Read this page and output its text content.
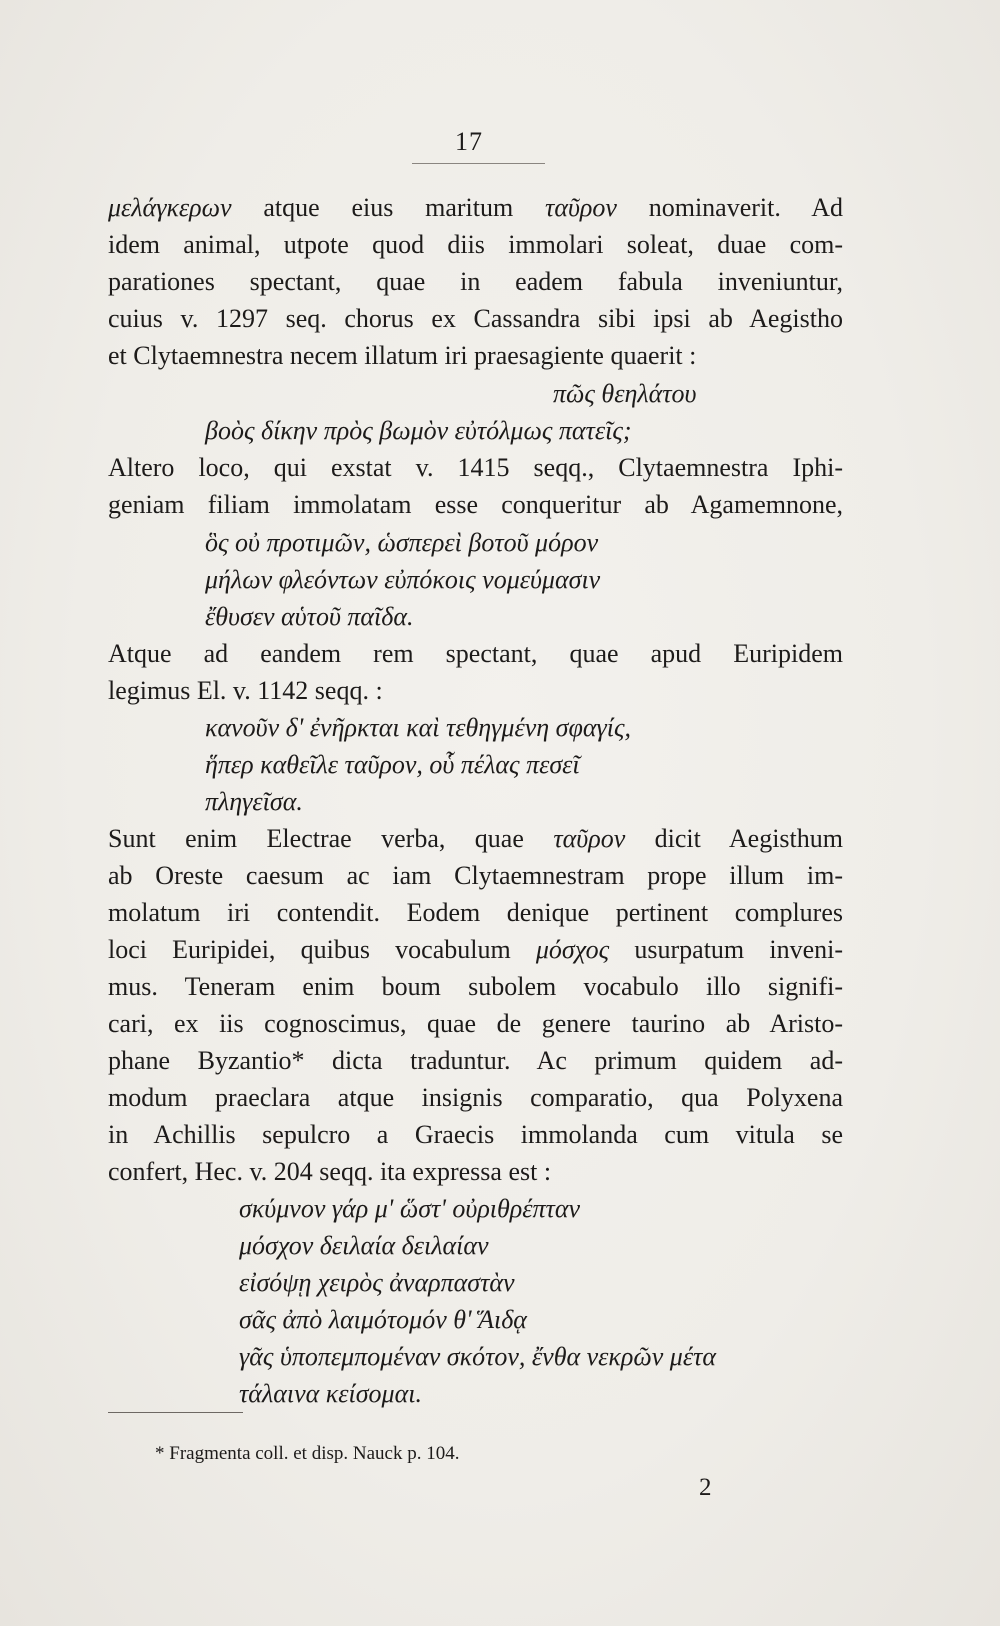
17
μελάγκερων atque eius maritum ταῦρον nominaverit. Ad
idem animal, utpote quod diis immolari soleat, duae com-
parationes spectant, quae in eadem fabula inveniuntur,
cuius v. 1297 seq. chorus ex Cassandra sibi ipsi ab Aegistho
et Clytaemnestra necem illatum iri praesagiente quaerit :
πῶς θεηλάτου
βοὸς δίκην πρὸς βωμὸν εὐτόλμως πατεῖς;
Altero loco, qui exstat v. 1415 seqq., Clytaemnestra Iphi-
geniam filiam immolatam esse conqueritur ab Agamemnone,
ὃς οὐ προτιμῶν, ὡσπερεὶ βοτοῦ μόρον
μήλων φλεόντων εὐπόκοις νομεύμασιν
ἔθυσεν αὑτοῦ παῖδα.
Atque ad eandem rem spectant, quae apud Euripidem
legimus El. v. 1142 seqq. :
κανοῦν δ' ἐνῆρκται καὶ τεθηγμένη σφαγίς,
ἥπερ καθεῖλε ταῦρον, οὗ πέλας πεσεῖ
πληγεῖσα.
Sunt enim Electrae verba, quae ταῦρον dicit Aegisthum
ab Oreste caesum ac iam Clytaemnestram prope illum im-
molatum iri contendit. Eodem denique pertinent complures
loci Euripidei, quibus vocabulum μόσχος usurpatum inveni-
mus. Teneram enim boum subolem vocabulo illo signifi-
cari, ex iis cognoscimus, quae de genere taurino ab Aristo-
phane Byzantio* dicta traduntur. Ac primum quidem ad-
modum praeclara atque insignis comparatio, qua Polyxena
in Achillis sepulcro a Graecis immolanda cum vitula se
confert, Hec. v. 204 seqq. ita expressa est :
σκύμνον γάρ μ' ὥστ' οὐριθρέπταν
μόσχον δειλαία δειλαίαν
εἰσόψῃ χειρὸς ἀναρπαστὰν
σᾶς ἀπὸ λαιμότομόν θ' Ἅιδᾳ
γᾶς ὑποπεμπομέναν σκότον, ἔνθα νεκρῶν μέτα
τάλαινα κείσομαι.
* Fragmenta coll. et disp. Nauck p. 104.
2
